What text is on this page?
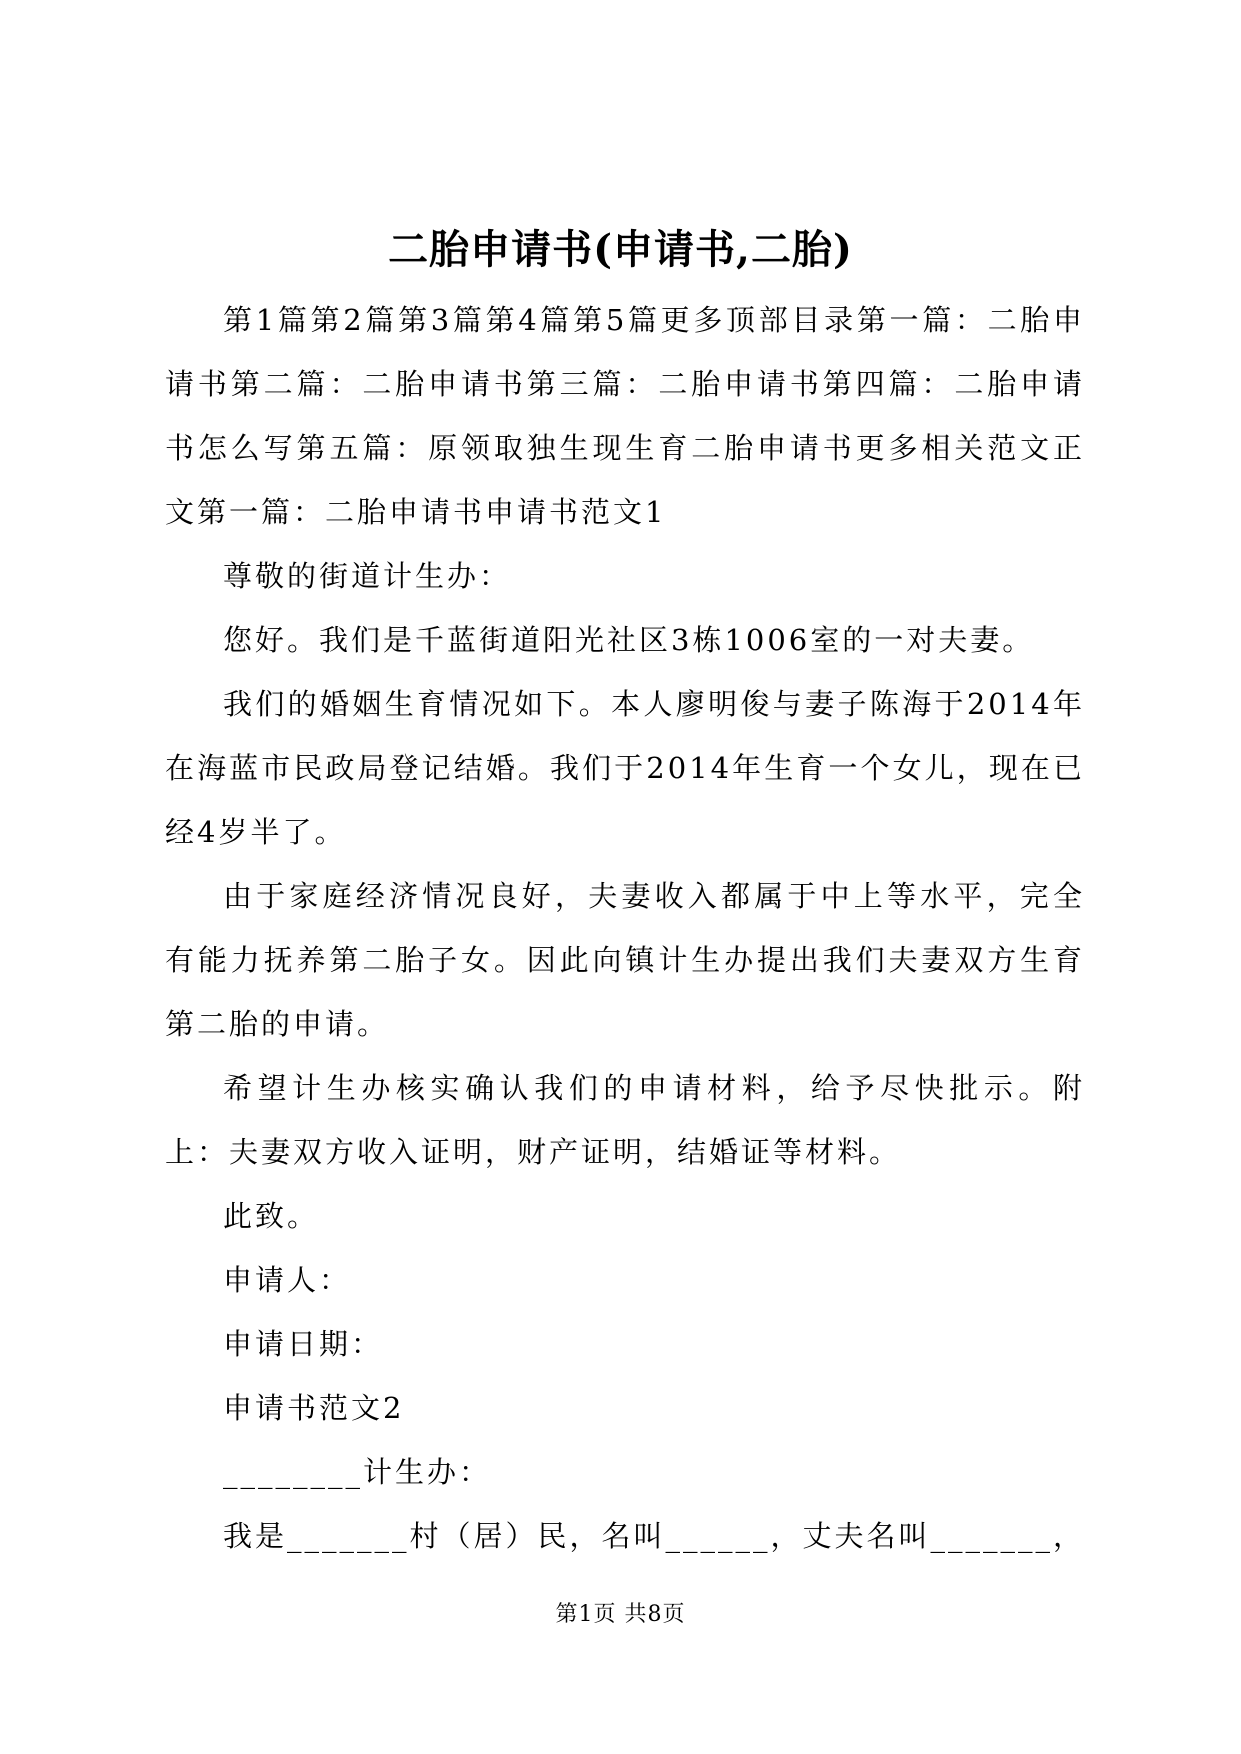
二胎申请书(申请书,二胎)

第1篇第2篇第3篇第4篇第5篇更多顶部目录第一篇：二胎申请书第二篇：二胎申请书第三篇：二胎申请书第四篇：二胎申请书怎么写第五篇：原领取独生现生育二胎申请书更多相关范文正文第一篇：二胎申请书申请书范文1

尊敬的街道计生办：

您好。我们是千蓝街道阳光社区3栋1006室的一对夫妻。

我们的婚姻生育情况如下。本人廖明俊与妻子陈海于2014年在海蓝市民政局登记结婚。我们于2014年生育一个女儿，现在已经4岁半了。

由于家庭经济情况良好，夫妻收入都属于中上等水平，完全有能力抚养第二胎子女。因此向镇计生办提出我们夫妻双方生育第二胎的申请。

希望计生办核实确认我们的申请材料，给予尽快批示。附上：夫妻双方收入证明，财产证明，结婚证等材料。

此致。

申请人：

申请日期：

申请书范文2

________计生办：

我是_______村（居）民，名叫______，丈夫名叫_______，

第1页 共8页
